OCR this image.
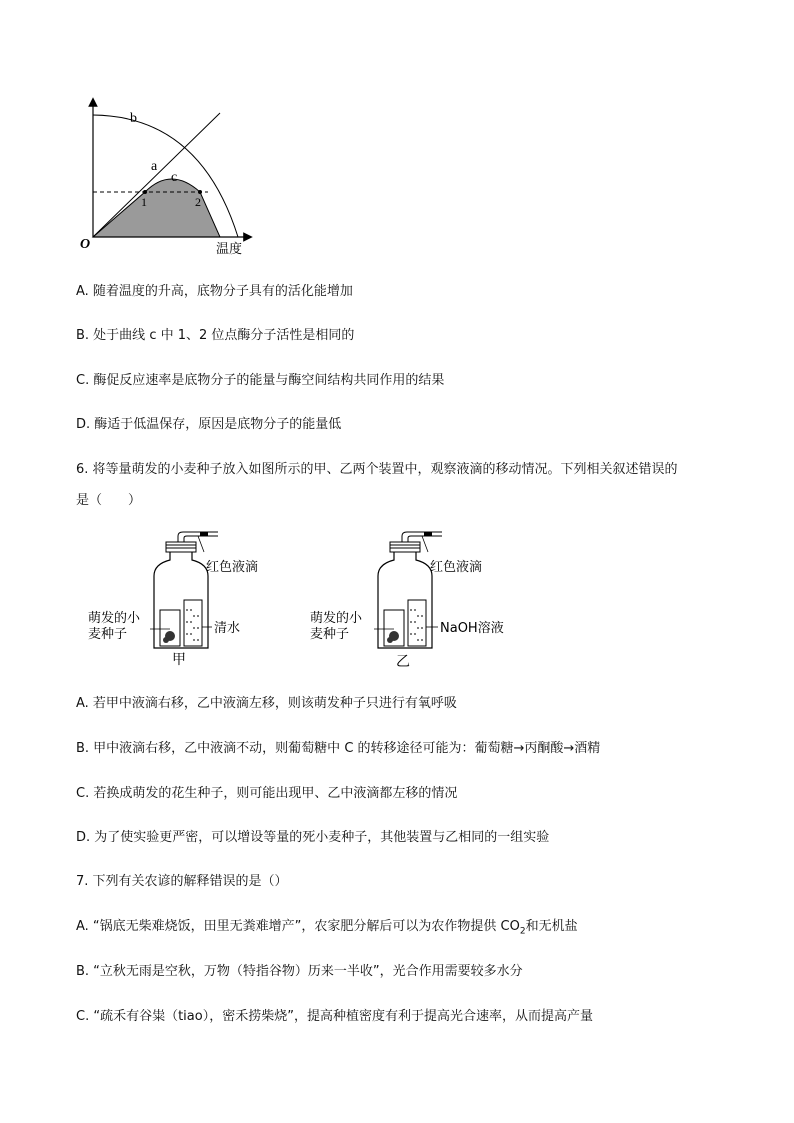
b
a
c
1	2
O	温度
A. 随着温度的升高，底物分子具有的活化能增加
B. 处于曲线 c 中 1、2 位点酶分子活性是相同的
C. 酶促反应速率是底物分子的能量与酶空间结构共同作用的结果
D. 酶适于低温保存，原因是底物分子的能量低
6. 将等量萌发的小麦种子放入如图所示的甲、乙两个装置中，观察液滴的移动情况。下列相关叙述错误的
是（　　）
红色液滴
萌发的小
麦种子	清水
甲
红色液滴
萌发的小
麦种子	NaOH溶液
乙
A. 若甲中液滴右移，乙中液滴左移，则该萌发种子只进行有氧呼吸
B. 甲中液滴右移，乙中液滴不动，则葡萄糖中 C 的转移途径可能为：葡萄糖→丙酮酸→酒精
C. 若换成萌发的花生种子，则可能出现甲、乙中液滴都左移的情况
D. 为了使实验更严密，可以增设等量的死小麦种子，其他装置与乙相同的一组实验
7. 下列有关农谚的解释错误的是（）
A. “锅底无柴难烧饭，田里无粪难增产”，农家肥分解后可以为农作物提供 $CO_2$和无机盐
B. “立秋无雨是空秋，万物（特指谷物）历来一半收”，光合作用需要较多水分
C. “疏禾有谷粜（tiao），密禾捞柴烧”，提高种植密度有利于提高光合速率，从而提高产量
